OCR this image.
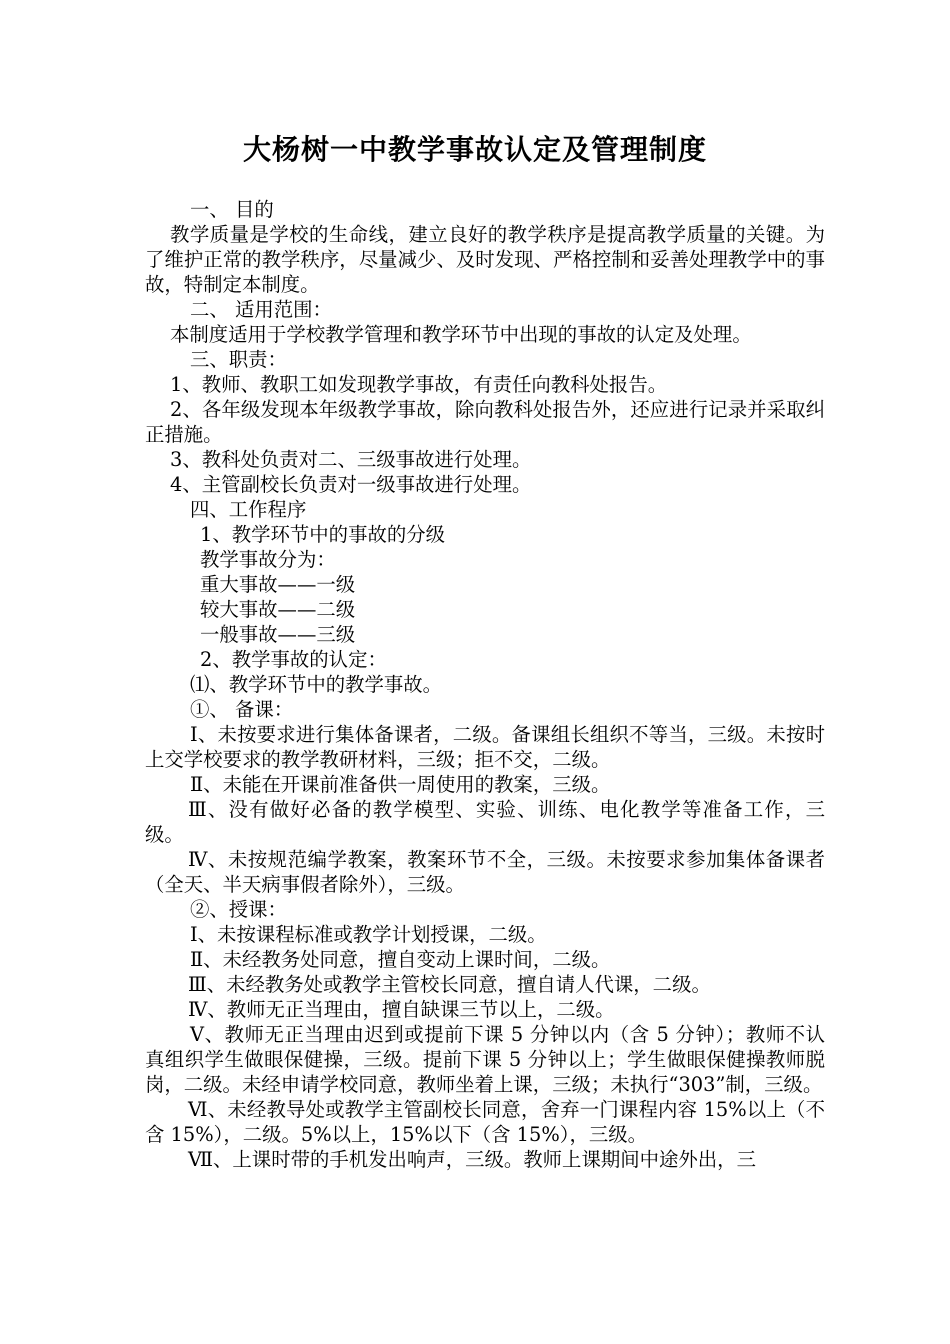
大杨树一中教学事故认定及管理制度

一、 目的

教学质量是学校的生命线，建立良好的教学秩序是提高教学质量的关键。为了维护正常的教学秩序，尽量减少、及时发现、严格控制和妥善处理教学中的事故，特制定本制度。

二、 适用范围：

本制度适用于学校教学管理和教学环节中出现的事故的认定及处理。

三、职责：

1、教师、教职工如发现教学事故，有责任向教科处报告。

2、各年级发现本年级教学事故，除向教科处报告外，还应进行记录并采取纠正措施。

3、教科处负责对二、三级事故进行处理。

4、主管副校长负责对一级事故进行处理。

四、工作程序

1、教学环节中的事故的分级

教学事故分为：

重大事故——一级

较大事故——二级

一般事故——三级

2、教学事故的认定：

⑴、教学环节中的教学事故。

①、 备课：

Ⅰ、未按要求进行集体备课者，二级。备课组长组织不等当，三级。未按时上交学校要求的教学教研材料，三级；拒不交，二级。

Ⅱ、未能在开课前准备供一周使用的教案，三级。

Ⅲ、没有做好必备的教学模型、实验、训练、电化教学等准备工作，三级。

Ⅳ、未按规范编学教案，教案环节不全，三级。未按要求参加集体备课者（全天、半天病事假者除外），三级。

②、授课：

Ⅰ、未按课程标准或教学计划授课，二级。

Ⅱ、未经教务处同意，擅自变动上课时间，二级。

Ⅲ、未经教务处或教学主管校长同意，擅自请人代课，二级。

Ⅳ、教师无正当理由，擅自缺课三节以上，二级。

Ⅴ、教师无正当理由迟到或提前下课 5 分钟以内（含 5 分钟）；教师不认真组织学生做眼保健操，三级。提前下课 5 分钟以上；学生做眼保健操教师脱岗，二级。未经申请学校同意，教师坐着上课，三级；未执行“303”制，三级。

Ⅵ、未经教导处或教学主管副校长同意，舍弃一门课程内容 15%以上（不含 15%），二级。5%以上，15%以下（含 15%），三级。

Ⅶ、上课时带的手机发出响声，三级。教师上课期间中途外出，三
